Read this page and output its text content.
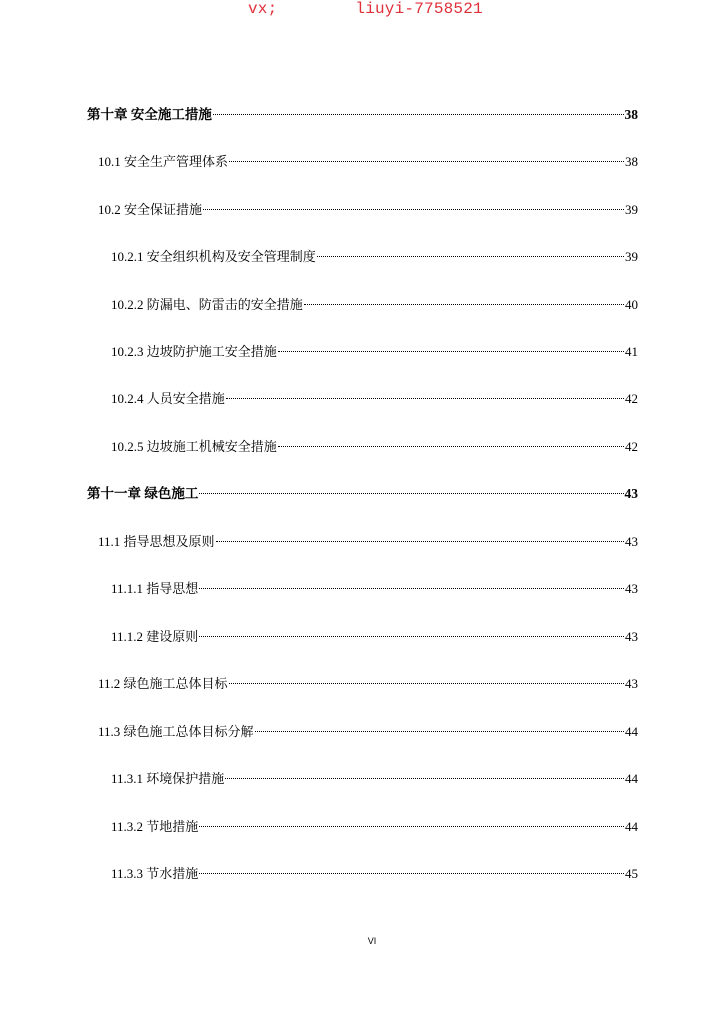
vx;	liuyi-7758521
第十章 安全施工措施	38
10.1 安全生产管理体系	38
10.2 安全保证措施	39
10.2.1 安全组织机构及安全管理制度	39
10.2.2 防漏电、防雷击的安全措施	40
10.2.3 边坡防护施工安全措施	41
10.2.4 人员安全措施	42
10.2.5 边坡施工机械安全措施	42
第十一章 绿色施工	43
11.1 指导思想及原则	43
11.1.1 指导思想	43
11.1.2 建设原则	43
11.2 绿色施工总体目标	43
11.3 绿色施工总体目标分解	44
11.3.1 环境保护措施	44
11.3.2 节地措施	44
11.3.3 节水措施	45
VI
